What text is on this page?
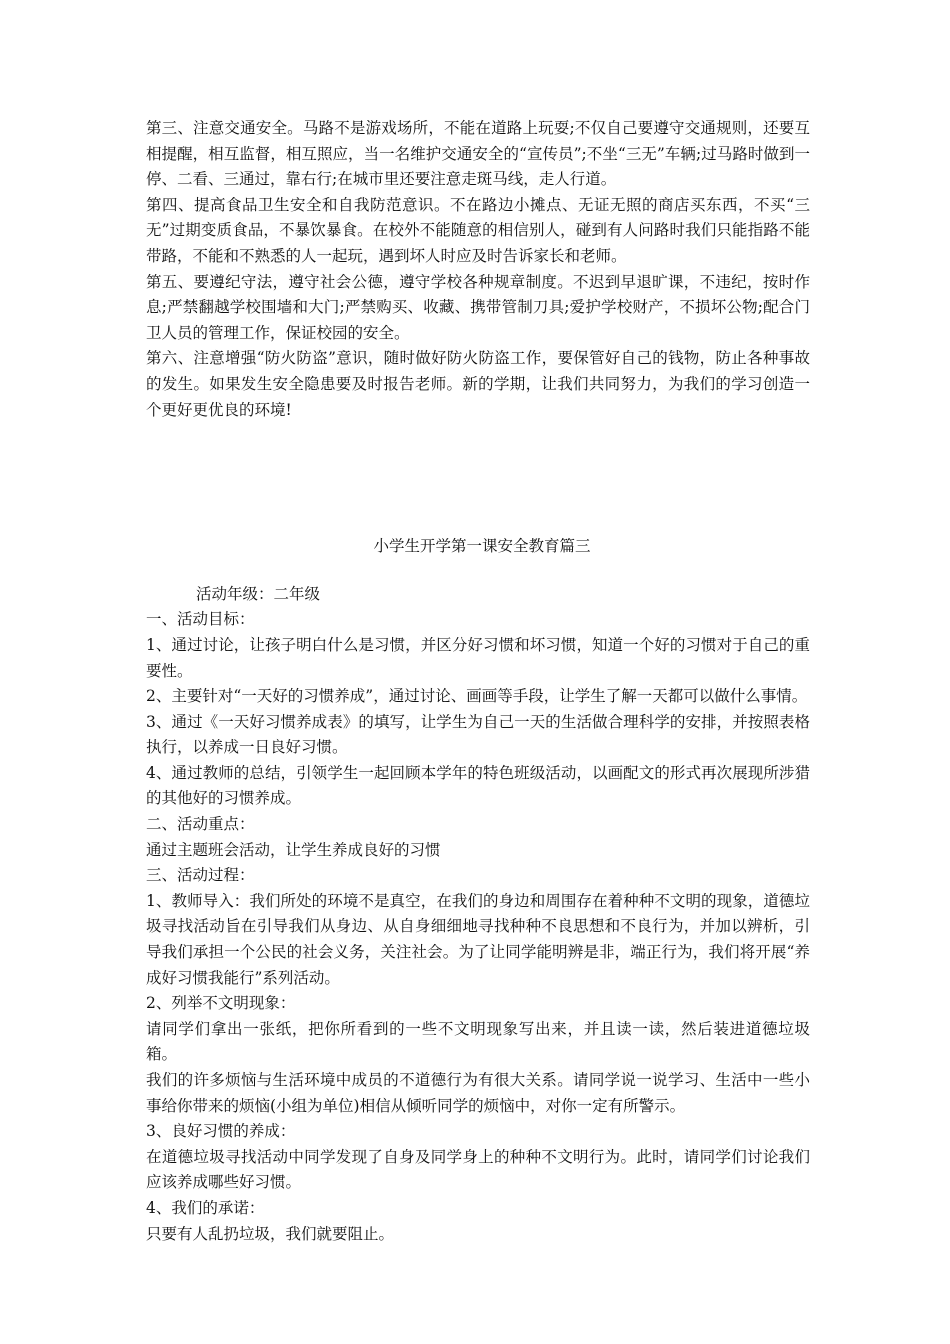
第三、注意交通安全。马路不是游戏场所，不能在道路上玩耍;不仅自己要遵守交通规则，还要互相提醒，相互监督，相互照应，当一名维护交通安全的“宣传员”;不坐“三无”车辆;过马路时做到一停、二看、三通过，靠右行;在城市里还要注意走斑马线，走人行道。

第四、提高食品卫生安全和自我防范意识。不在路边小摊点、无证无照的商店买东西，不买“三无”过期变质食品，不暴饮暴食。在校外不能随意的相信别人，碰到有人问路时我们只能指路不能带路，不能和不熟悉的人一起玩，遇到坏人时应及时告诉家长和老师。

第五、要遵纪守法，遵守社会公德，遵守学校各种规章制度。不迟到早退旷课，不违纪，按时作息;严禁翻越学校围墙和大门;严禁购买、收藏、携带管制刀具;爱护学校财产，不损坏公物;配合门卫人员的管理工作，保证校园的安全。

第六、注意增强“防火防盗”意识，随时做好防火防盗工作，要保管好自己的钱物，防止各种事故的发生。如果发生安全隐患要及时报告老师。新的学期，让我们共同努力，为我们的学习创造一个更好更优良的环境!

小学生开学第一课安全教育篇三

活动年级：二年级

一、活动目标：

1、通过讨论，让孩子明白什么是习惯，并区分好习惯和坏习惯，知道一个好的习惯对于自己的重要性。

2、主要针对“一天好的习惯养成”，通过讨论、画画等手段，让学生了解一天都可以做什么事情。

3、通过《一天好习惯养成表》的填写，让学生为自己一天的生活做合理科学的安排，并按照表格执行，以养成一日良好习惯。

4、通过教师的总结，引领学生一起回顾本学年的特色班级活动，以画配文的形式再次展现所涉猎的其他好的习惯养成。

二、活动重点：

通过主题班会活动，让学生养成良好的习惯

三、活动过程：

1、教师导入：我们所处的环境不是真空，在我们的身边和周围存在着种种不文明的现象，道德垃圾寻找活动旨在引导我们从身边、从自身细细地寻找种种不良思想和不良行为，并加以辨析，引导我们承担一个公民的社会义务，关注社会。为了让同学能明辨是非，端正行为，我们将开展“养成好习惯我能行”系列活动。

2、列举不文明现象：

请同学们拿出一张纸，把你所看到的一些不文明现象写出来，并且读一读，然后装进道德垃圾箱。

我们的许多烦恼与生活环境中成员的不道德行为有很大关系。请同学说一说学习、生活中一些小事给你带来的烦恼(小组为单位)相信从倾听同学的烦恼中，对你一定有所警示。

3、良好习惯的养成：

在道德垃圾寻找活动中同学发现了自身及同学身上的种种不文明行为。此时，请同学们讨论我们应该养成哪些好习惯。

4、我们的承诺：

只要有人乱扔垃圾，我们就要阻止。
